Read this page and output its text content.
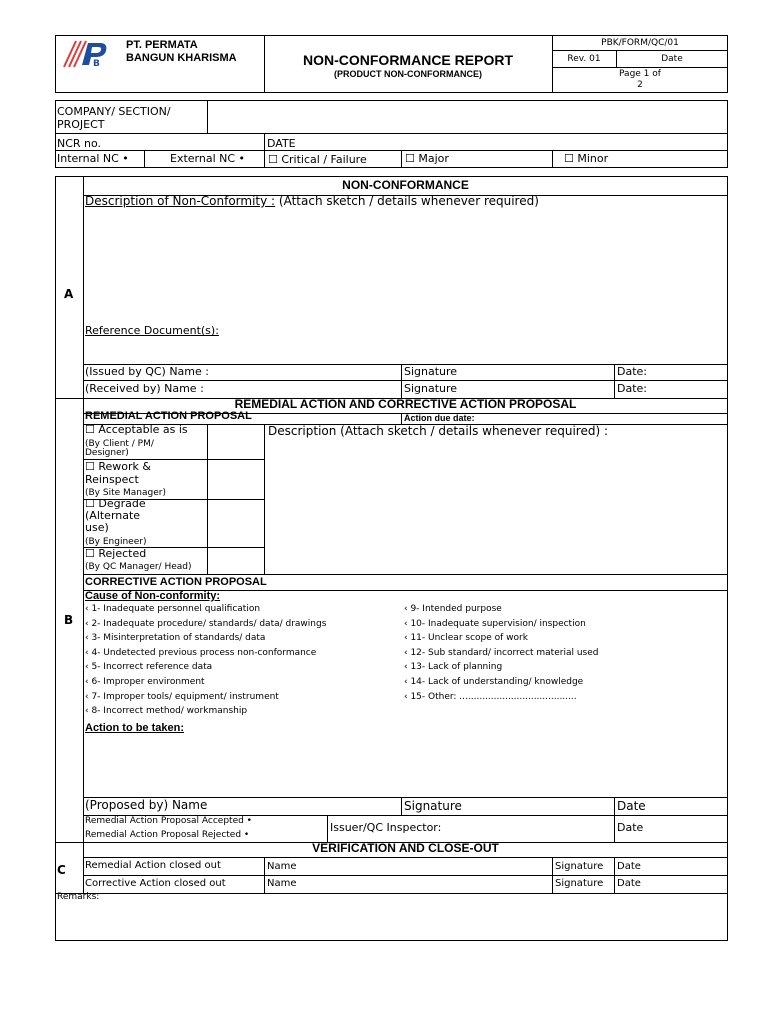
B
PT. PERMATA
BANGUN KHARISMA	NON-CONFORMANCE REPORT
(PRODUCT NON-CONFORMANCE)
PBK/FORM/QC/01
Rev. 01	Date
Page 1 of
2
COMPANY/ SECTION/
PROJECT
NCR no.	DATE
Internal NC •	External NC • ☐ Critical / Failure	☐ Major	☐ Minor
A
NON-CONFORMANCE
Description of Non-Conformity : (Attach sketch / details whenever required)
Reference Document(s):
(Issued by QC) Name :	Signature	Date:
(Received by) Name :	Signature	Date:
B
REMEDIAL ACTION AND CORRECTIVE ACTION PROPOSAL
REMEDIAL ACTION PROPOSAL	Action due date:
☐ Acceptable as is
(By Client / PM/
Designer)
☐ Rework &
Reinspect
(By Site Manager)
☐ Degrade
(Alternate
use)
(By Engineer)
☐ Rejected
(By QC Manager/ Head)
Description (Attach sketch / details whenever required) :
CORRECTIVE ACTION PROPOSAL
Cause of Non-conformity:
‹ 1- Inadequate personnel qualification
‹ 2- Inadequate procedure/ standards/ data/ drawings
‹ 3- Misinterpretation of standards/ data
‹ 4- Undetected previous process non-conformance
‹ 5- Incorrect reference data
‹ 6- Improper environment
‹ 7- Improper tools/ equipment/ instrument
‹ 8- Incorrect method/ workmanship
‹ 9- Intended purpose
‹ 10- Inadequate supervision/ inspection
‹ 11- Unclear scope of work
‹ 12- Sub standard/ incorrect material used
‹ 13- Lack of planning
‹ 14- Lack of understanding/ knowledge
‹ 15- Other: .........................................
Action to be taken:
(Proposed by) Name	Signature	Date
Remedial Action Proposal Accepted •
Remedial Action Proposal Rejected •
Issuer/QC Inspector:	Date
C
VERIFICATION AND CLOSE-OUT
Remedial Action closed out	Name	Signature Date
Corrective Action closed out	Name	Signature Date
Remarks:
